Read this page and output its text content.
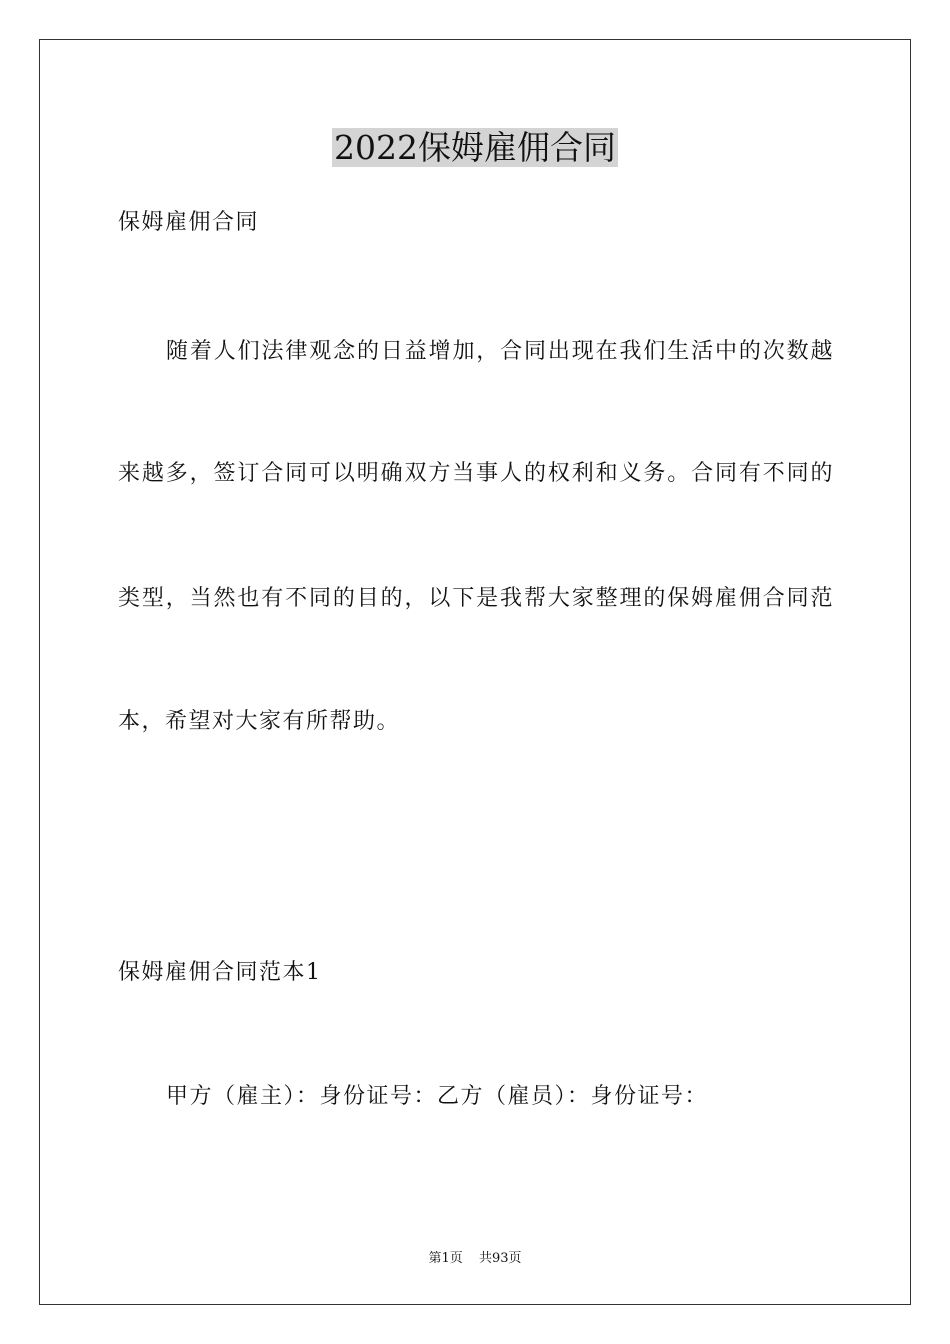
2022保姆雇佣合同
保姆雇佣合同
随着人们法律观念的日益增加，合同出现在我们生活中的次数越
来越多，签订合同可以明确双方当事人的权利和义务。合同有不同的
类型，当然也有不同的目的，以下是我帮大家整理的保姆雇佣合同范
本，希望对大家有所帮助。
保姆雇佣合同范本1
甲方（雇主）：身份证号：乙方（雇员）：身份证号：
第1页 共93页
